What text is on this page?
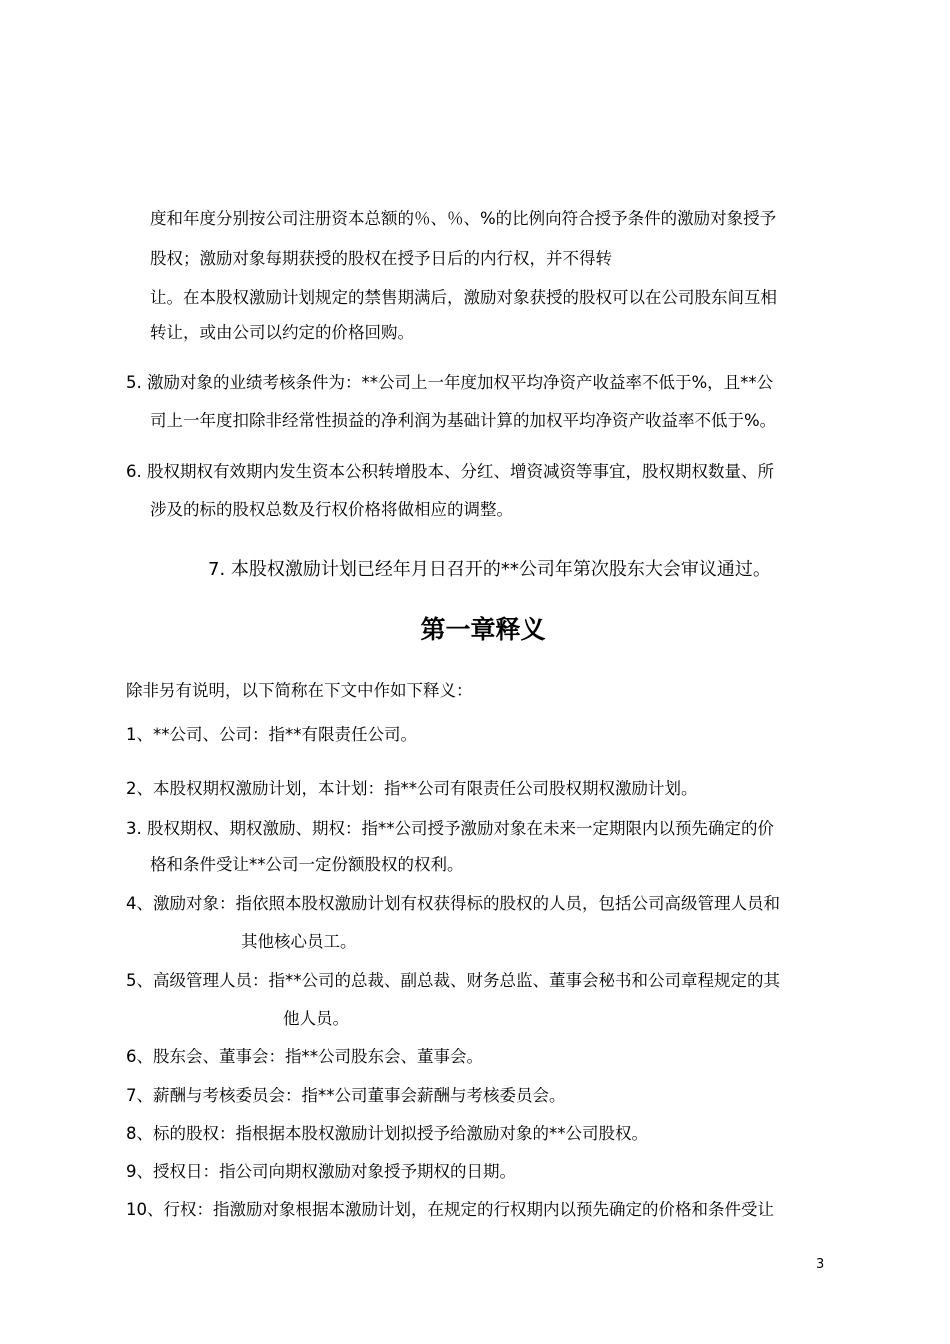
度和年度分别按公司注册资本总额的％、％、%的比例向符合授予条件的激励对象授予
股权；激励对象每期获授的股权在授予日后的内行权，并不得转
让。在本股权激励计划规定的禁售期满后，激励对象获授的股权可以在公司股东间互相
转让，或由公司以约定的价格回购。
5. 激励对象的业绩考核条件为：**公司上一年度加权平均净资产收益率不低于%，且**公
司上一年度扣除非经常性损益的净利润为基础计算的加权平均净资产收益率不低于%。
6. 股权期权有效期内发生资本公积转增股本、分红、增资减资等事宜，股权期权数量、所
涉及的标的股权总数及行权价格将做相应的调整。
7. 本股权激励计划已经年月日召开的**公司年第次股东大会审议通过。
第一章释义
除非另有说明，以下简称在下文中作如下释义：
1、**公司、公司：指**有限责任公司。
2、本股权期权激励计划，本计划：指**公司有限责任公司股权期权激励计划。
3. 股权期权、期权激励、期权：指**公司授予激励对象在未来一定期限内以预先确定的价
格和条件受让**公司一定份额股权的权利。
4、激励对象：指依照本股权激励计划有权获得标的股权的人员，包括公司高级管理人员和
其他核心员工。
5、高级管理人员：指**公司的总裁、副总裁、财务总监、董事会秘书和公司章程规定的其
他人员。
6、股东会、董事会：指**公司股东会、董事会。
7、薪酬与考核委员会：指**公司董事会薪酬与考核委员会。
8、标的股权：指根据本股权激励计划拟授予给激励对象的**公司股权。
9、授权日：指公司向期权激励对象授予期权的日期。
10、行权：指激励对象根据本激励计划，在规定的行权期内以预先确定的价格和条件受让
3
